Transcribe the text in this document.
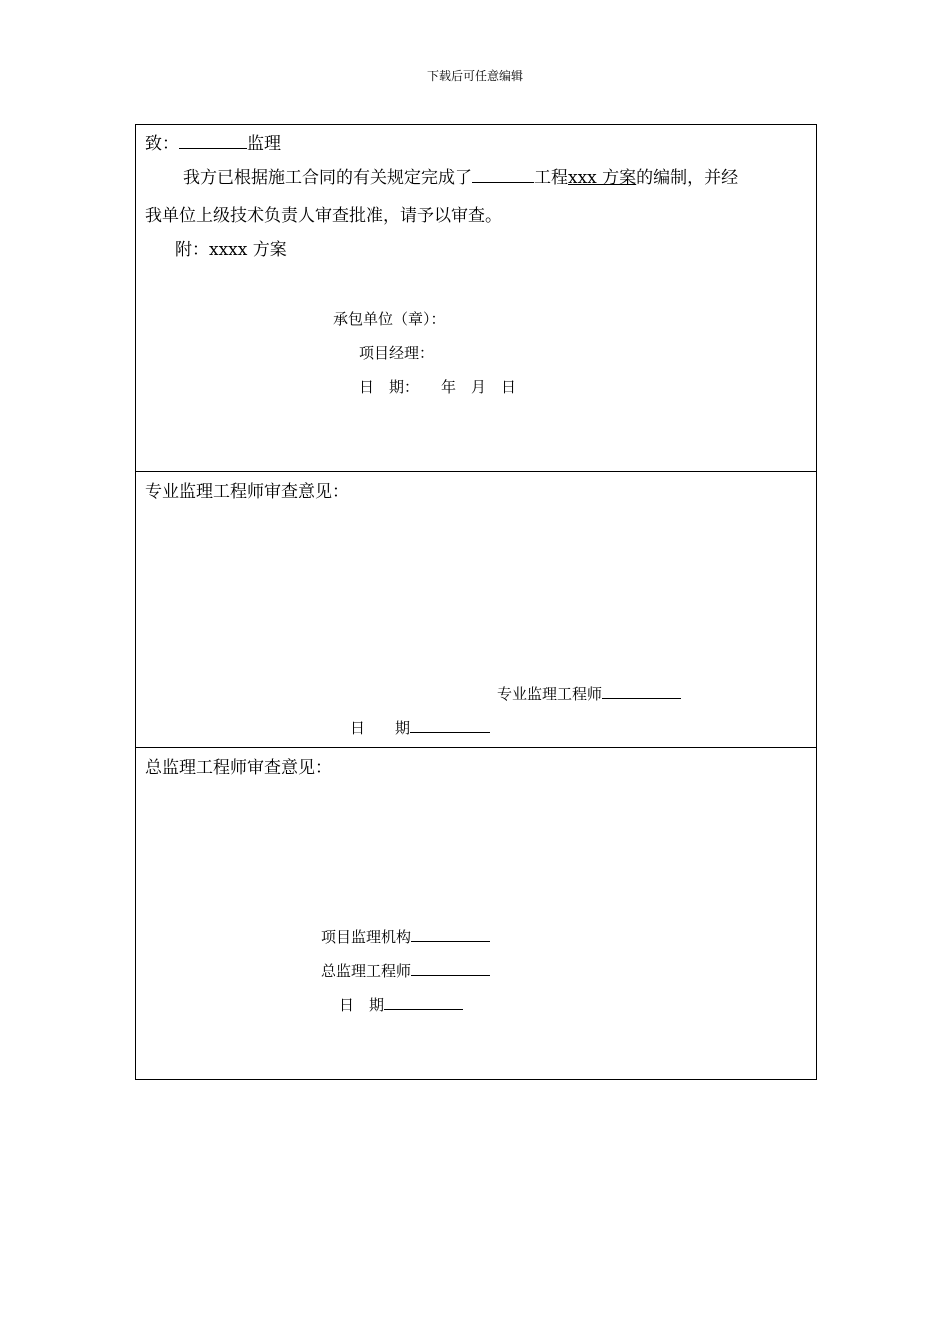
下载后可任意编辑
致：	监理
我方已根据施工合同的有关规定完成了	工程xxx 方案的编制，并经
我单位上级技术负责人审查批准，请予以审查。
附：xxxx 方案
承包单位（章）：
项目经理：
日　期： 年　月　日
专业监理工程师审查意见：
专业监理工程师
日　　期
总监理工程师审查意见：
项目监理机构
总监理工程师
日　期
